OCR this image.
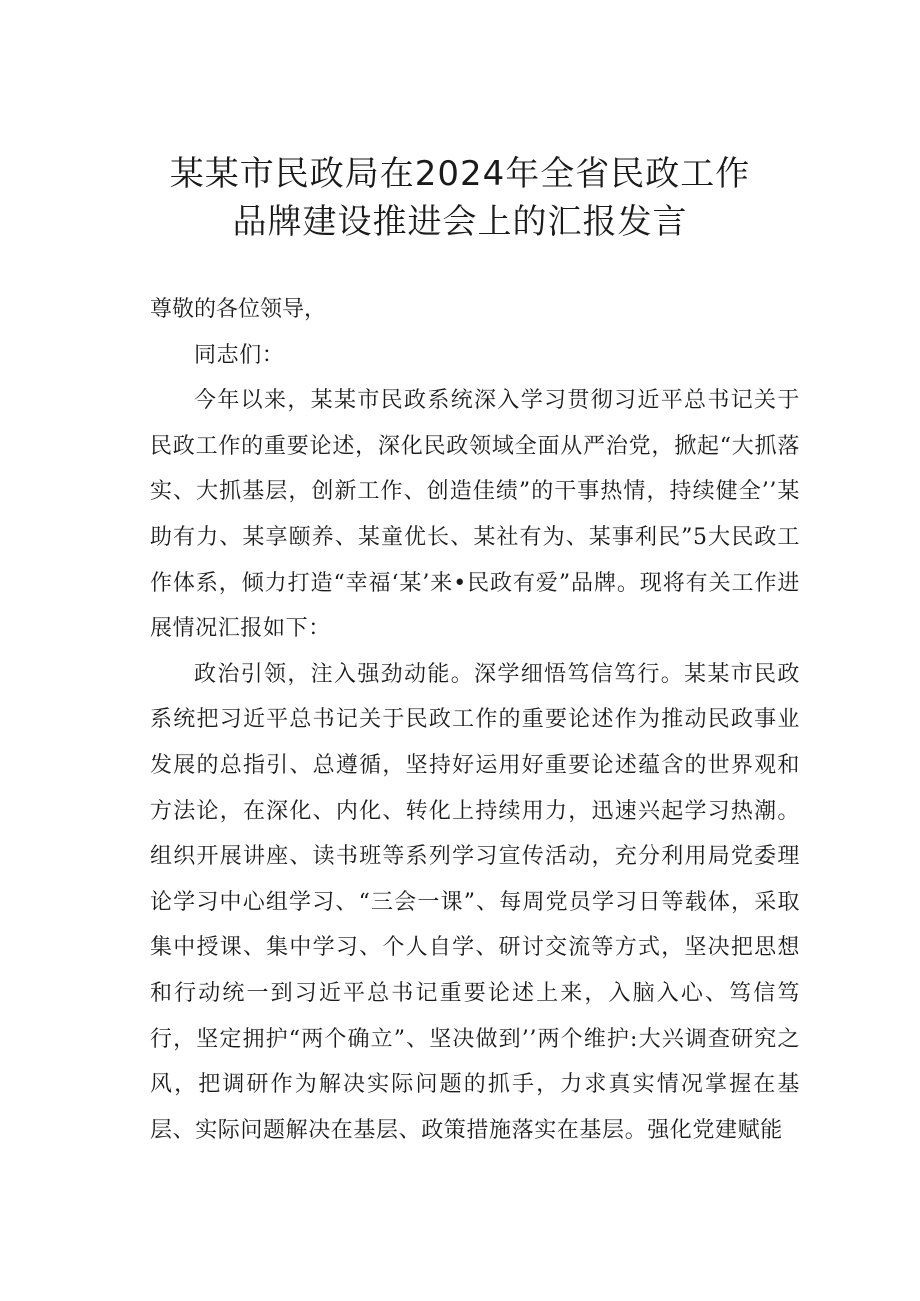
某某市民政局在2024年全省民政工作
品牌建设推进会上的汇报发言

尊敬的各位领导，

同志们：

今年以来，某某市民政系统深入学习贯彻习近平总书记关于民政工作的重要论述，深化民政领域全面从严治党，掀起“大抓落实、大抓基层，创新工作、创造佳绩”的干事热情，持续健全’’某助有力、某享颐养、某童优长、某社有为、某事利民”5大民政工作体系，倾力打造“幸福‘某’来•民政有爱”品牌。现将有关工作进展情况汇报如下：

政治引领，注入强劲动能。深学细悟笃信笃行。某某市民政系统把习近平总书记关于民政工作的重要论述作为推动民政事业发展的总指引、总遵循，坚持好运用好重要论述蕴含的世界观和方法论，在深化、内化、转化上持续用力，迅速兴起学习热潮。组织开展讲座、读书班等系列学习宣传活动，充分利用局党委理论学习中心组学习、“三会一课”、每周党员学习日等载体，采取集中授课、集中学习、个人自学、研讨交流等方式，坚决把思想和行动统一到习近平总书记重要论述上来，入脑入心、笃信笃行，坚定拥护“两个确立”、坚决做到’’两个维护:大兴调查研究之风，把调研作为解决实际问题的抓手，力求真实情况掌握在基层、实际问题解决在基层、政策措施落实在基层。强化党建赋能
